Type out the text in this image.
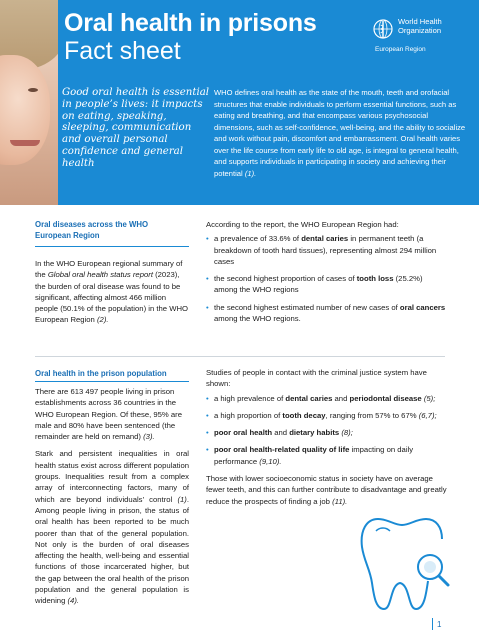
Oral health in prisons
Fact sheet
World Health
Organization
European Region
Good oral health is essential in people’s lives: it impacts on eating, speaking, sleeping, communication and overall personal confidence and general health
WHO defines oral health as the state of the mouth, teeth and orofacial structures that enable individuals to perform essential functions, such as eating and breathing, and that encompass various psychosocial dimensions, such as self-confidence, well-being, and the ability to socialize and work without pain, discomfort and embarrassment. Oral health varies over the life course from early life to old age, is integral to general health, and supports individuals in participating in society and achieving their potential (1).
Oral diseases across the WHO
European Region

In the WHO European regional summary of the Global oral health status report (2023), the burden of oral disease was found to be significant, affecting almost 466 million people (50.1% of the population) in the WHO European Region (2).

According to the report, the WHO European Region had:
• a prevalence of 33.6% of dental caries in permanent teeth (a breakdown of tooth hard tissues), representing almost 294 million cases
• the second highest proportion of cases of tooth loss (25.2%) among the WHO regions
• the second highest estimated number of new cases of oral cancers among the WHO regions.
Oral health in the prison population

There are 613 497 people living in prison establishments across 36 countries in the WHO European Region. Of these, 95% are male and 80% have been sentenced (the remainder are held on remand) (3).

Stark and persistent inequalities in oral health status exist across different population groups. Inequalities result from a complex array of interconnecting factors, many of which are beyond individuals’ control (1). Among people living in prison, the status of oral health has been reported to be much poorer than that of the general population. Not only is the burden of oral diseases affecting the health, well-being and essential functions of those incarcerated higher, but the gap between the oral health of the prison population and the general population is widening (4).

Studies of people in contact with the criminal justice system have shown:
• a high prevalence of dental caries and periodontal disease (5);
• a high proportion of tooth decay, ranging from 57% to 67% (6,7);
• poor oral health and dietary habits (8);
• poor oral health-related quality of life impacting on daily performance (9,10).
Those with lower socioeconomic status in society have on average fewer teeth, and this can further contribute to disadvantage and greatly reduce the prospects of finding a job (11).
1
